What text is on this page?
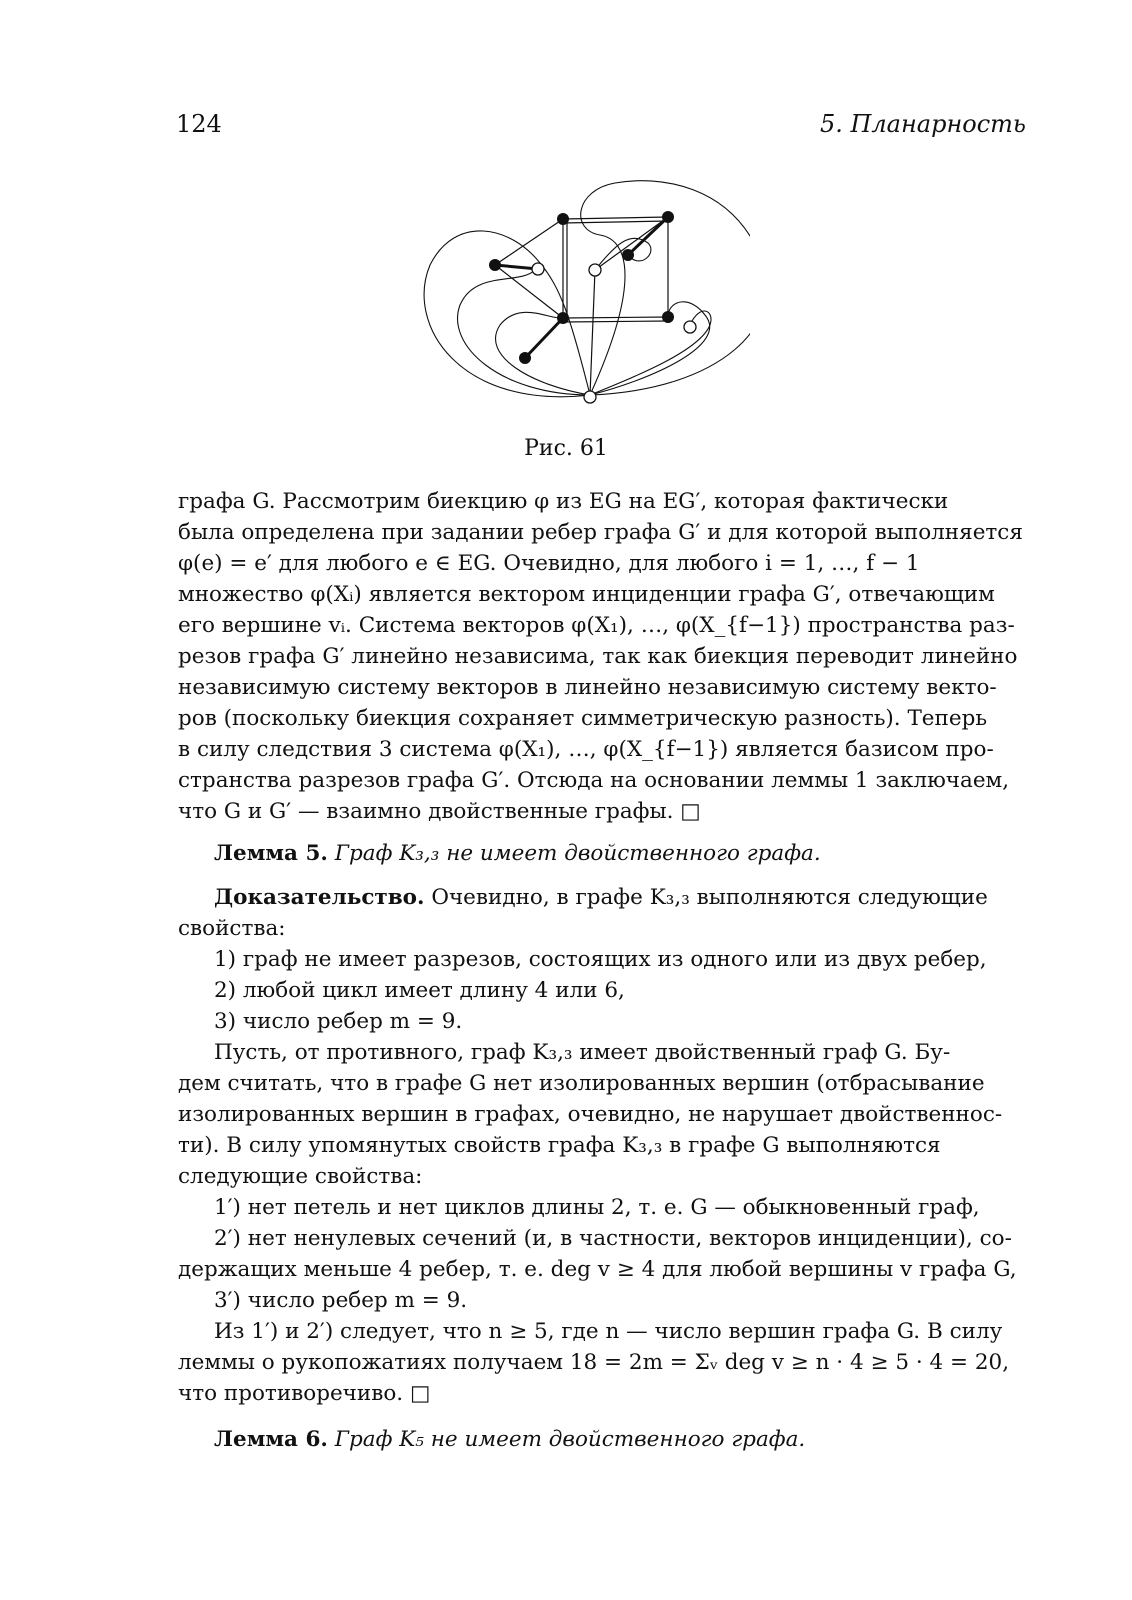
124	5. Планарность
Рис. 61
графа G. Рассмотрим биекцию φ из EG на EG′, которая фактически
была определена при задании ребер графа G′ и для которой выполняется
φ(e) = e′ для любого e ∈ EG. Очевидно, для любого i = 1, …, f − 1
множество φ(Xᵢ) является вектором инциденции графа G′, отвечающим
его вершине vᵢ. Система векторов φ(X₁), …, φ(X_{f−1}) пространства раз-
резов графа G′ линейно независима, так как биекция переводит линейно
независимую систему векторов в линейно независимую систему векто-
ров (поскольку биекция сохраняет симметрическую разность). Теперь
в силу следствия 3 система φ(X₁), …, φ(X_{f−1}) является базисом про-
странства разрезов графа G′. Отсюда на основании леммы 1 заключаем,
что G и G′ — взаимно двойственные графы. □
Лемма 5. Граф K₃,₃ не имеет двойственного графа.
Доказательство. Очевидно, в графе K₃,₃ выполняются следующие
свойства:
1) граф не имеет разрезов, состоящих из одного или из двух ребер,
2) любой цикл имеет длину 4 или 6,
3) число ребер m = 9.
Пусть, от противного, граф K₃,₃ имеет двойственный граф G. Бу-
дем считать, что в графе G нет изолированных вершин (отбрасывание
изолированных вершин в графах, очевидно, не нарушает двойственнос-
ти). В силу упомянутых свойств графа K₃,₃ в графе G выполняются
следующие свойства:
1′) нет петель и нет циклов длины 2, т. е. G — обыкновенный граф,
2′) нет ненулевых сечений (и, в частности, векторов инциденции), со-
держащих меньше 4 ребер, т. е. deg v ≥ 4 для любой вершины v графа G,
3′) число ребер m = 9.
Из 1′) и 2′) следует, что n ≥ 5, где n — число вершин графа G. В силу
леммы о рукопожатиях получаем 18 = 2m = Σᵥ deg v ≥ n · 4 ≥ 5 · 4 = 20,
что противоречиво. □
Лемма 6. Граф K₅ не имеет двойственного графа.
